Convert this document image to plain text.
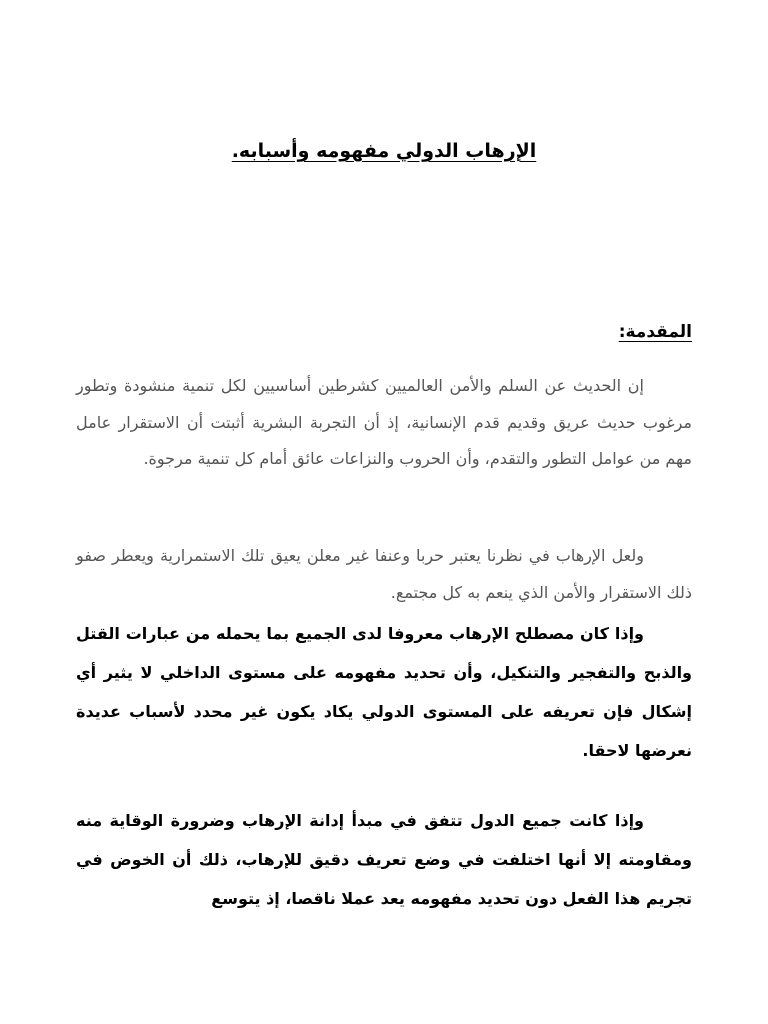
الإرهاب الدولي مفهومه وأسبابه.
المقدمة:

إن الحديث عن السلم والأمن العالميين كشرطين أساسيين لكل تنمية منشودة وتطور مرغوب حديث عريق وقديم قدم الإنسانية، إذ أن التجربة البشرية أثبتت أن الاستقرار عامل مهم من عوامل التطور والتقدم، وأن الحروب والنزاعات عائق أمام كل تنمية مرجوة.

ولعل الإرهاب في نظرنا يعتبر حربا وعنفا غير معلن يعيق تلك الاستمرارية ويعطر صفو ذلك الاستقرار والأمن الذي ينعم به كل مجتمع.

وإذا كان مصطلح الإرهاب معروفا لدى الجميع بما يحمله من عبارات القتل والذبح والتفجير والتنكيل، وأن تحديد مفهومه على مستوى الداخلي لا يثير أي إشكال فإن تعريفه على المستوى الدولي يكاد يكون غير محدد لأسباب عديدة نعرضها لاحقا.

وإذا كانت جميع الدول تتفق في مبدأ إدانة الإرهاب وضرورة الوقاية منه ومقاومته إلا أنها اختلفت في وضع تعريف دقيق للإرهاب، ذلك أن الخوض في تجريم هذا الفعل دون تحديد مفهومه يعد عملا ناقصا، إذ يتوسع
